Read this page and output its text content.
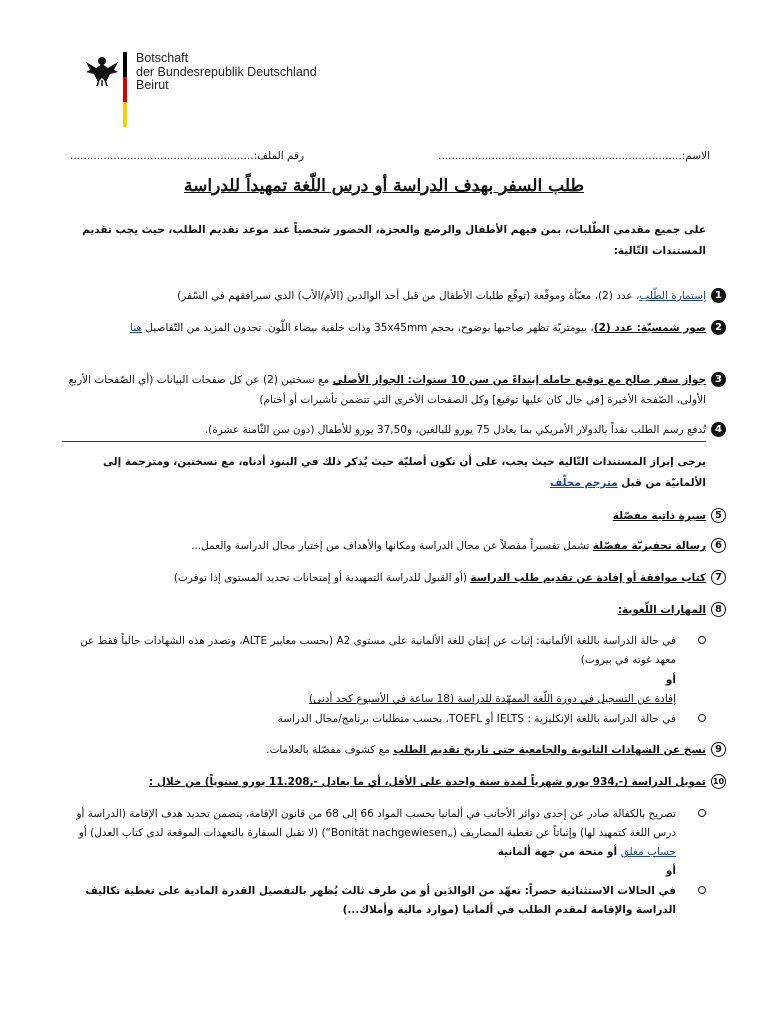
Botschaft
der Bundesrepublik Deutschland
Beirut
الاسم:.........................................................................
رقم الملف:.......................................................
طلب السفر بهدف الدراسة أو درس اللّغة تمهيداً للدراسة
على جميع مقدمي الطّلبات، بمن فيهم الأطفال والرضع والعجزة، الحضور شخصياً عند موعد تقديم الطلب، حيث يجب تقديم المستندات التّالية:
1
إستمارة الطّلب، عدد (2)، معبّأة وموقّعة (توقّع طلبات الأطفال من قبل أحد الوالدين (الأم/الأب) الذي سيرافقهم في السّفر)
2
صور شمسيّة: عدد (2)، بيومتريّة تظهر صاحبها بوضوح، بحجم 35x45mm وذات خلفية بيضاء اللّون. تجدون المزيد من التّفاصيل هنا
3
جواز سفر صالح مع توقيع حامله إبتداءً من سن 10 سنوات: الجواز الأصلي مع نسختين (2) عن كل صفحات البيانات (أي الصّفحات الأربع الأولى، الصّفحة الأخيرة [في حال كان عليها توقيع] وكل الصفحات الأخرى التي تتضمن تأشيرات أو أختام)
4
تُدفع رسم الطلب نقداً بالدولار الأمريكي بما يعادل 75 يورو للبالغين، و37,50 يورو للأطفال (دون سن الثّامنة عشرة).
يرجى إبراز المستندات التّالية حيث يجب، على أن تكون أصليّة حيث يُذكر ذلك في البنود أدناه، مع نسختين، ومترجمة إلى الألمانيّة من قبل مترجم محلّف
5
سيرة ذاتية مفصّلة
6
رسالة تحفيزيّة مفصّلة تشمل تفسيراً مفصلاً عن مجال الدراسة ومكانها والأهداف من إختيار مجال الدراسة والعمل...
7
كتاب موافقة أو إفادة عن تقديم طلب الدراسة (أو القبول للدراسة التمهيدية أو إمتحانات تحديد المستوى إذا توفرت)
8
المهارات اللّغوية:
في حالة الدراسة باللغة الألمانية: إثبات عن إتقان للغة الألمانية على مستوى A2 (بحسب معايير ALTE، وتصدر هذه الشهادات حالياً فقط عن معهد غوته في بيروت)
أو
إفادة عن التسجيل في دورة اللّغة الممهّدة للدراسة (18 ساعة في الأسبوع كحد أدنى)
في حالة الدراسة باللغة الإنكليزية : IELTS أو TOEFL، بحسب متطلبات برنامج/مجال الدراسة
9
نسخ عن الشهادات الثانوية والجامعية حتى تاريخ تقديم الطلب مع كشوف مفصّلة بالعلامات.
10
تمويل الدراسة (-,934 يورو شهرياً لمدة سنة واحدة على الأقل، أي ما يعادل -,11.208 يورو سنوياً) من خلال :
تصريح بالكفالة صادر عن إحدى دوائر الأجانب في ألمانيا بحسب المواد 66 إلى 68 من قانون الإقامة، يتضمن تحديد هدف الإقامة (الدراسة أو درس اللغة كتمهيد لها) وإثباتاً عن تغطية المصاريف („Bonität nachgewiesen“) (لا تقبل السفارة بالتعهدات الموقعة لدى كتاب العدل) أو حساب مغلق أو منحة من جهة ألمانية
أو
في الحالات الاستثنائية حصراً: تعهّد من الوالدَين أو من طرف ثالث يُظهر بالتفصيل القدرة المادية على تغطية تكاليف الدراسة والإقامة لمقدم الطلب في ألمانيا (موارد مالية وأملاك...)
